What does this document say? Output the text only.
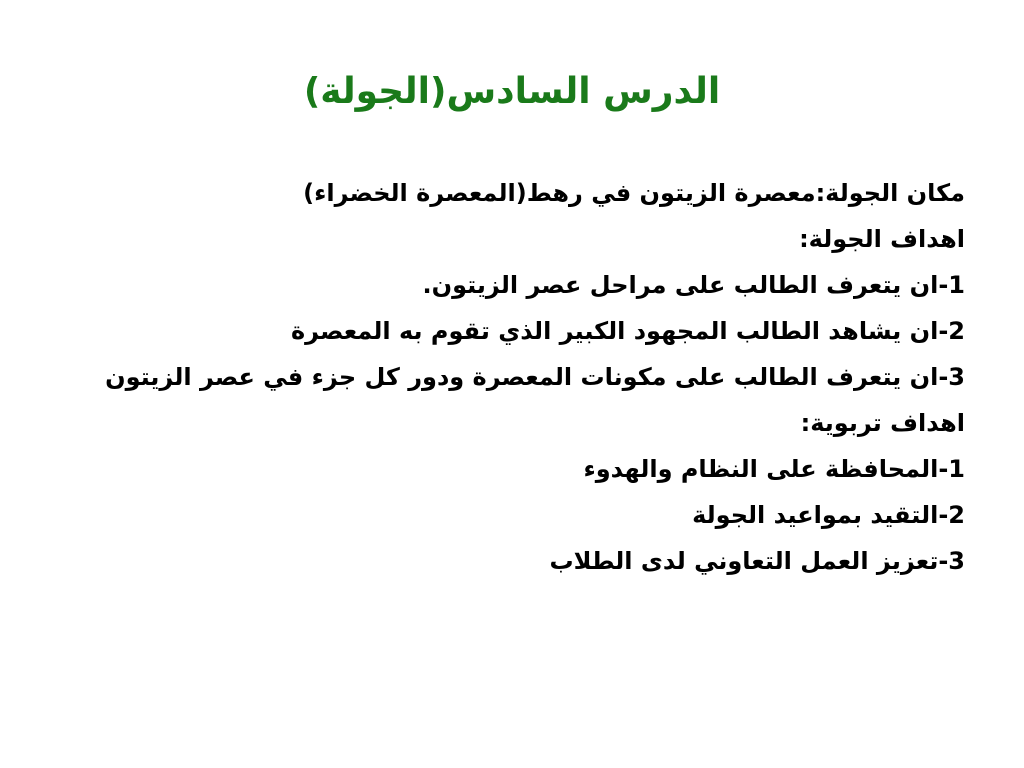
الدرس السادس(الجولة)
مكان الجولة:معصرة الزيتون في رهط(المعصرة الخضراء)
اهداف الجولة:
1-ان يتعرف الطالب على مراحل عصر الزيتون.
2-ان يشاهد الطالب المجهود الكبير الذي تقوم به المعصرة
3-ان يتعرف الطالب على مكونات المعصرة ودور كل جزء في عصر الزيتون
اهداف تربوية:
1-المحافظة على النظام والهدوء
2-التقيد بمواعيد الجولة
3-تعزيز العمل التعاوني لدى الطلاب
